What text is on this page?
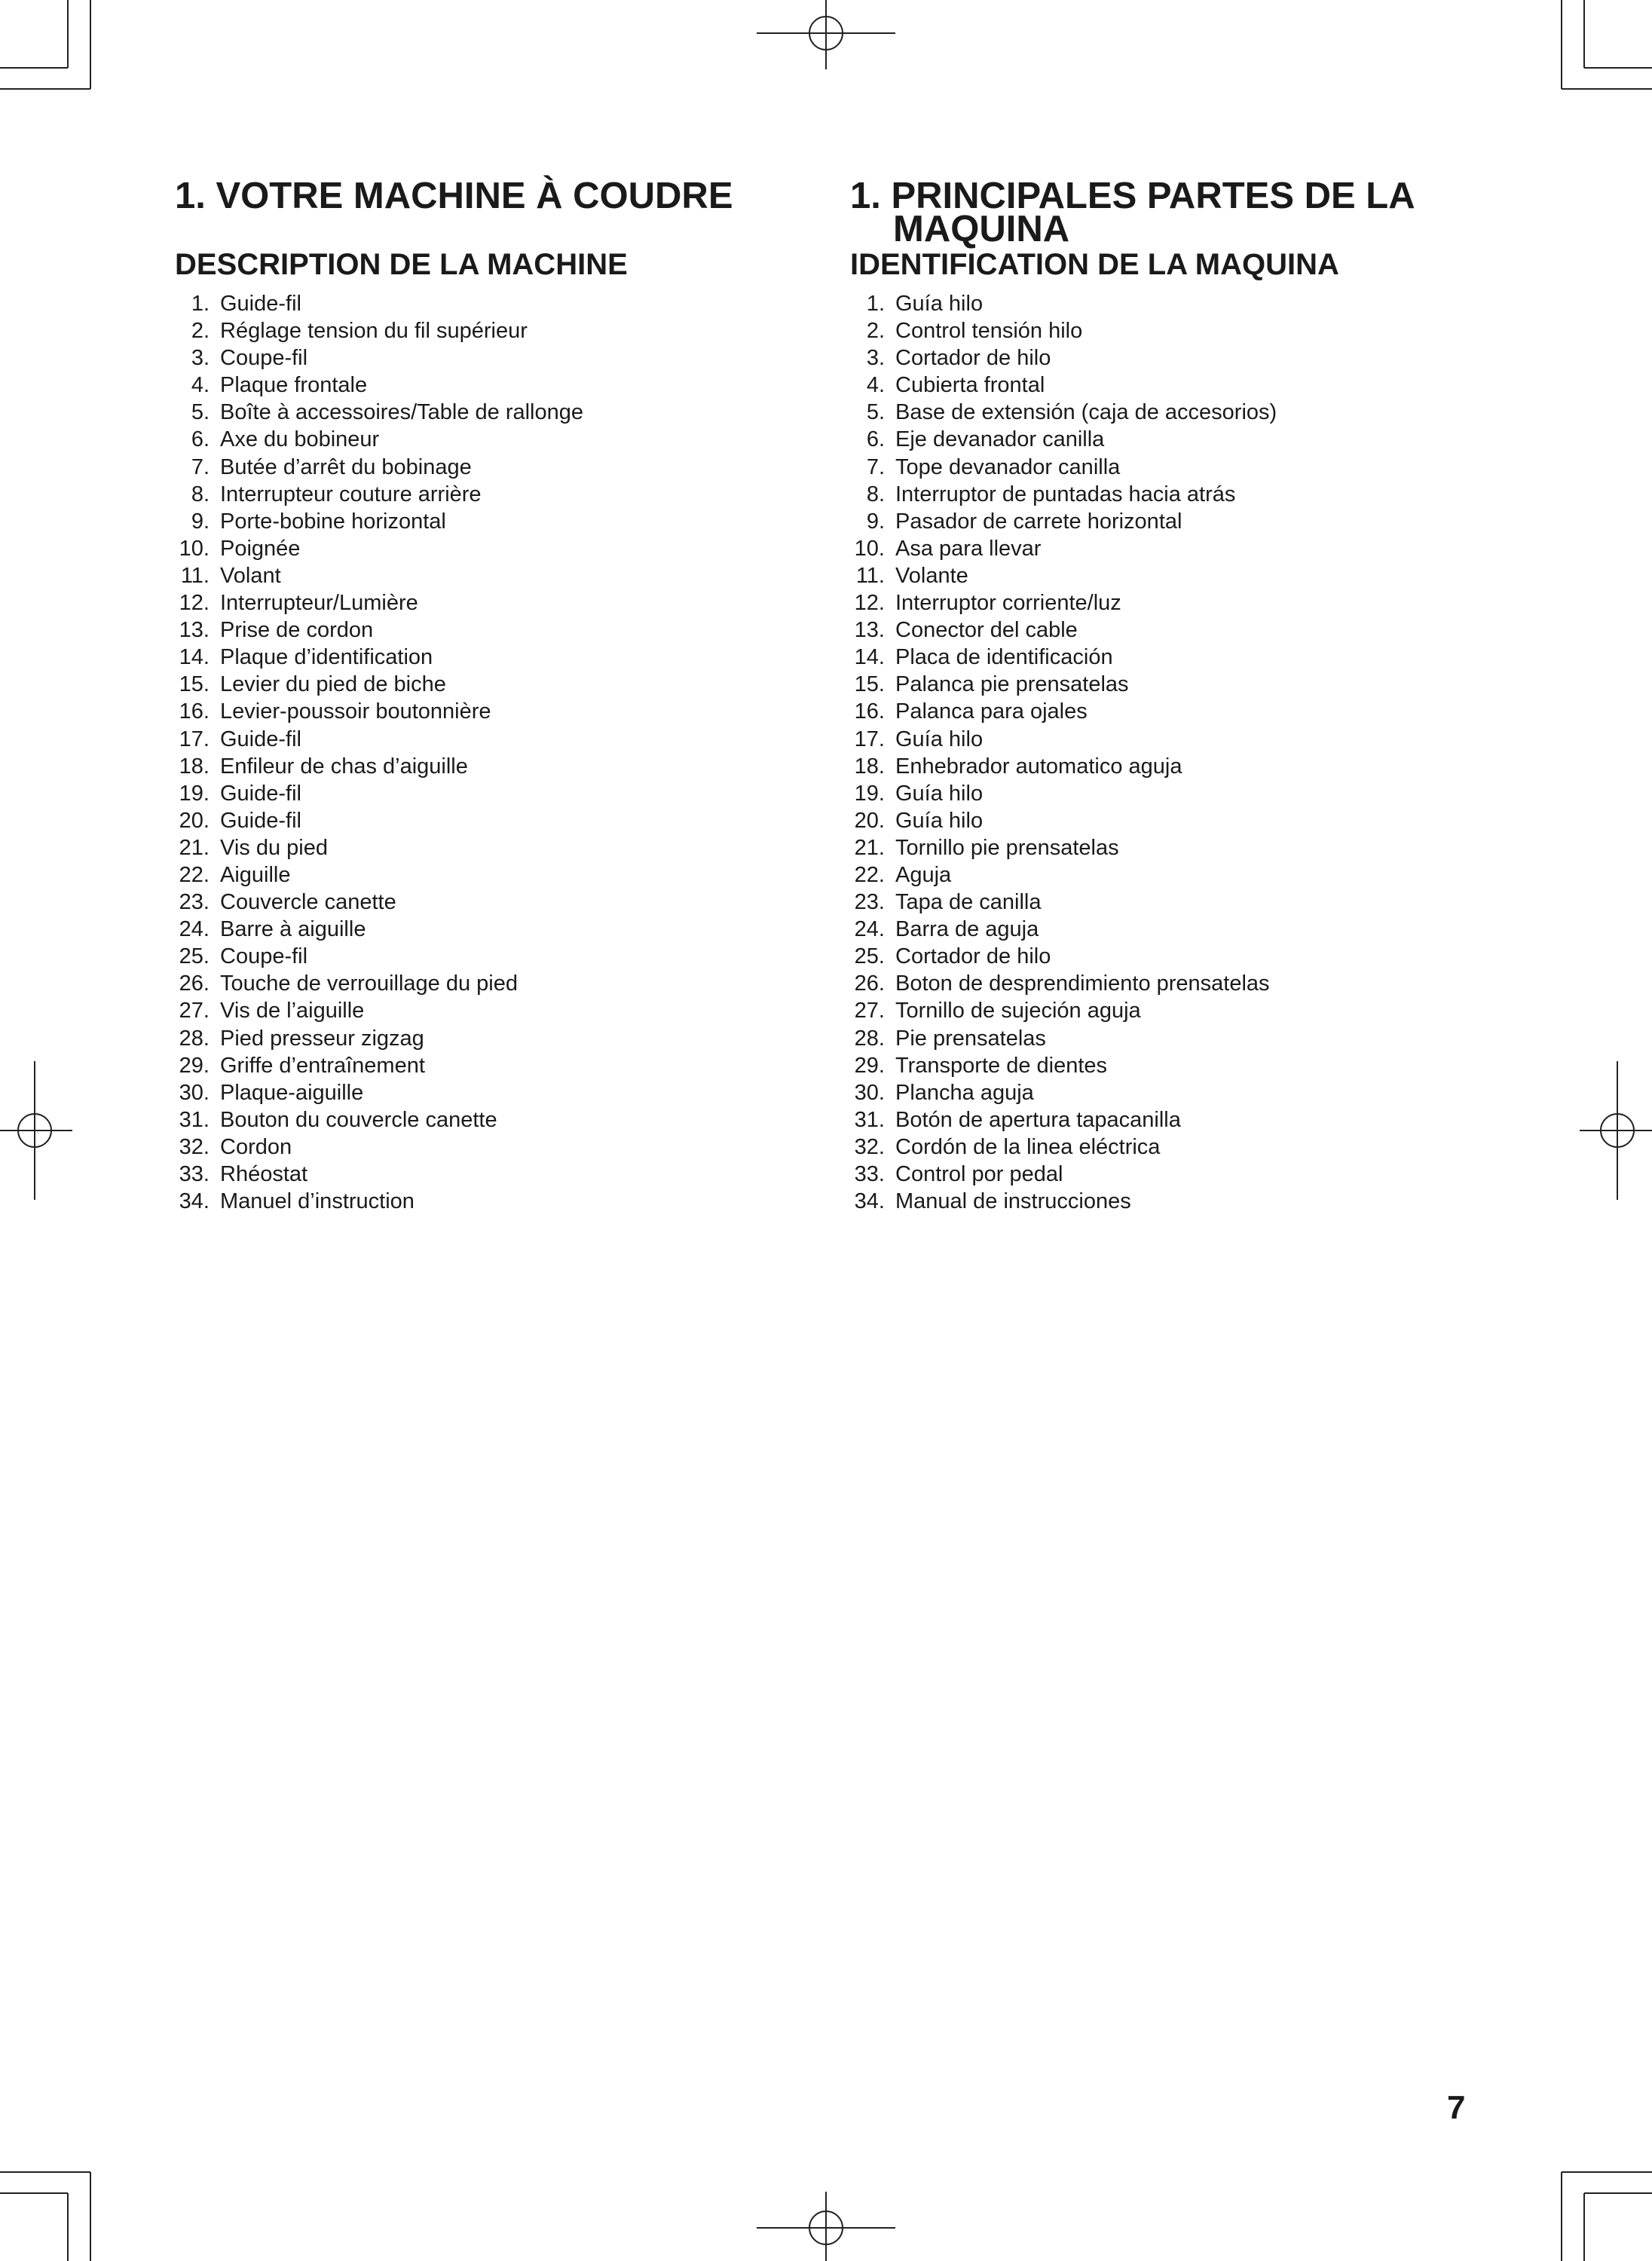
1. VOTRE MACHINE À COUDRE
DESCRIPTION DE LA MACHINE
1. Guide-fil
2. Réglage tension du fil supérieur
3. Coupe-fil
4. Plaque frontale
5. Boîte à accessoires/Table de rallonge
6. Axe du bobineur
7. Butée d’arrêt du bobinage
8. Interrupteur couture arrière
9. Porte-bobine horizontal
10. Poignée
11. Volant
12. Interrupteur/Lumière
13. Prise de cordon
14. Plaque d’identification
15. Levier du pied de biche
16. Levier-poussoir boutonnière
17. Guide-fil
18. Enfileur de chas d’aiguille
19. Guide-fil
20. Guide-fil
21. Vis du pied
22. Aiguille
23. Couvercle canette
24. Barre à aiguille
25. Coupe-fil
26. Touche de verrouillage du pied
27. Vis de l’aiguille
28. Pied presseur zigzag
29. Griffe d’entraînement
30. Plaque-aiguille
31. Bouton du couvercle canette
32. Cordon
33. Rhéostat
34. Manuel d’instruction
1. PRINCIPALES PARTES DE LA MAQUINA
IDENTIFICATION DE LA MAQUINA
1. Guía hilo
2. Control tensión hilo
3. Cortador de hilo
4. Cubierta frontal
5. Base de extensión (caja de accesorios)
6. Eje devanador canilla
7. Tope devanador canilla
8. Interruptor de puntadas hacia atrás
9. Pasador de carrete horizontal
10. Asa para llevar
11. Volante
12. Interruptor corriente/luz
13. Conector del cable
14. Placa de identificación
15. Palanca pie prensatelas
16. Palanca para ojales
17. Guía hilo
18. Enhebrador automatico aguja
19. Guía hilo
20. Guía hilo
21. Tornillo pie prensatelas
22. Aguja
23. Tapa de canilla
24. Barra de aguja
25. Cortador de hilo
26. Boton de desprendimiento prensatelas
27. Tornillo de sujeción aguja
28. Pie prensatelas
29. Transporte de dientes
30. Plancha aguja
31. Botón de apertura tapacanilla
32. Cordón de la linea eléctrica
33. Control por pedal
34. Manual de instrucciones
7
